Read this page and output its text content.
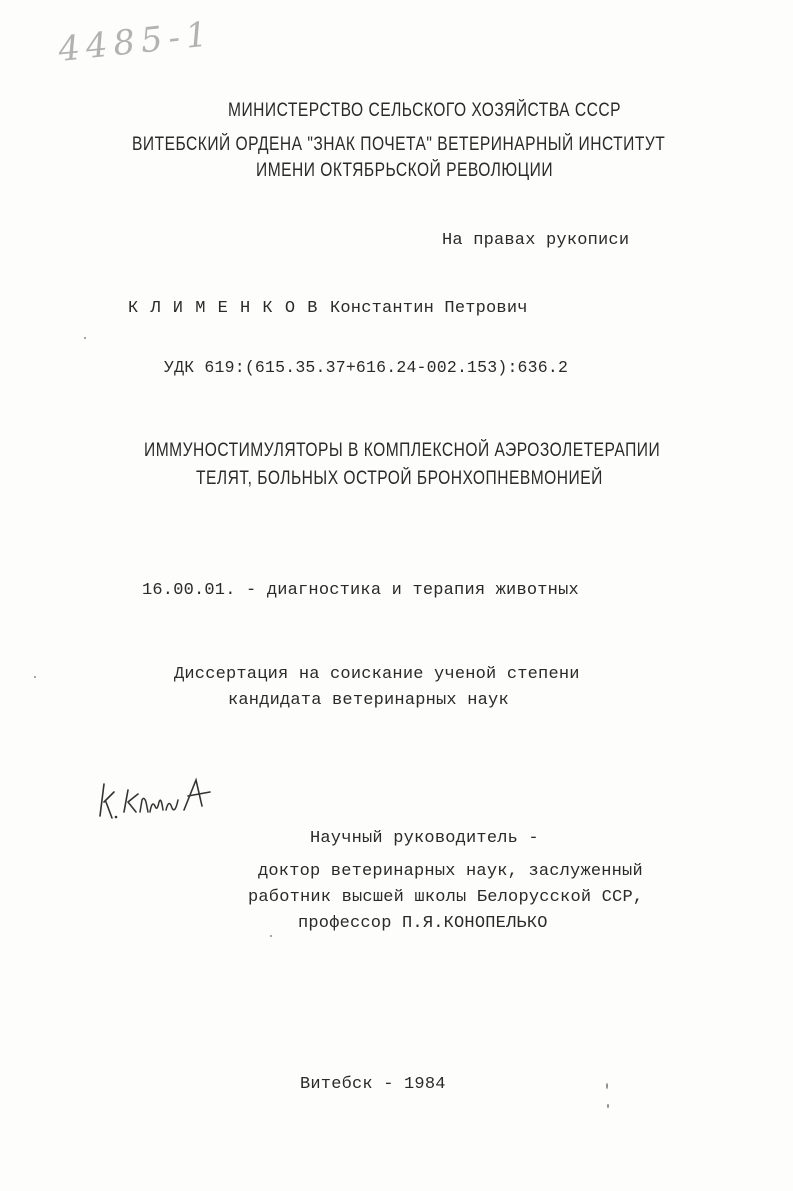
4485-1
МИНИСТЕРСТВО СЕЛЬСКОГО ХОЗЯЙСТВА СССР
ВИТЕБСКИЙ ОРДЕНА "ЗНАК ПОЧЕТА" ВЕТЕРИНАРНЫЙ ИНСТИТУТ
ИМЕНИ ОКТЯБРЬСКОЙ РЕВОЛЮЦИИ
На правах рукописи
К Л И М Е Н К О В Константин Петрович
УДК 619:(615.35.37+616.24-002.153):636.2
ИММУНОСТИМУЛЯТОРЫ В КОМПЛЕКСНОЙ АЭРОЗОЛЕТЕРАПИИ
ТЕЛЯТ, БОЛЬНЫХ ОСТРОЙ БРОНХОПНЕВМОНИЕЙ
16.00.01. - диагностика и терапия животных
Диссертация на соискание ученой степени
кандидата ветеринарных наук
Научный руководитель -
доктор ветеринарных наук, заслуженный
работник высшей школы Белорусской ССР,
профессор П.Я.КОНОПЕЛЬКО
Витебск - 1984
